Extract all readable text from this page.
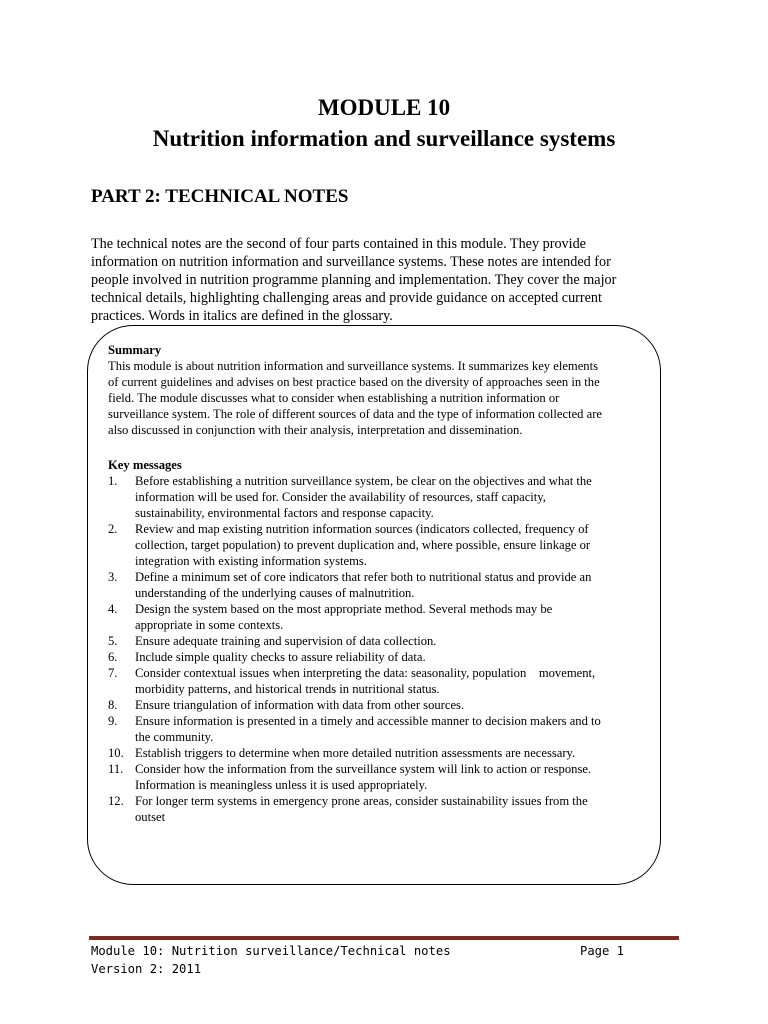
MODULE 10
Nutrition information and surveillance systems
PART 2: TECHNICAL NOTES
The technical notes are the second of four parts contained in this module. They provide
information on nutrition information and surveillance systems. These notes are intended for
people involved in nutrition programme planning and implementation. They cover the major
technical details, highlighting challenging areas and provide guidance on accepted current
practices. Words in italics are defined in the glossary.
Summary
This module is about nutrition information and surveillance systems. It summarizes key elements
of current guidelines and advises on best practice based on the diversity of approaches seen in the
field. The module discusses what to consider when establishing a nutrition information or
surveillance system. The role of different sources of data and the type of information collected are
also discussed in conjunction with their analysis, interpretation and dissemination.
Key messages
1. Before establishing a nutrition surveillance system, be clear on the objectives and what the
information will be used for. Consider the availability of resources, staff capacity,
sustainability, environmental factors and response capacity.
2. Review and map existing nutrition information sources (indicators collected, frequency of
collection, target population) to prevent duplication and, where possible, ensure linkage or
integration with existing information systems.
3. Define a minimum set of core indicators that refer both to nutritional status and provide an
understanding of the underlying causes of malnutrition.
4. Design the system based on the most appropriate method. Several methods may be
appropriate in some contexts.
5. Ensure adequate training and supervision of data collection.
6. Include simple quality checks to assure reliability of data.
7. Consider contextual issues when interpreting the data: seasonality, population    movement,
morbidity patterns, and historical trends in nutritional status.
8. Ensure triangulation of information with data from other sources.
9. Ensure information is presented in a timely and accessible manner to decision makers and to
the community.
10. Establish triggers to determine when more detailed nutrition assessments are necessary.
11. Consider how the information from the surveillance system will link to action or response.
Information is meaningless unless it is used appropriately.
12. For longer term systems in emergency prone areas, consider sustainability issues from the
outset
Module 10: Nutrition surveillance/Technical notes
Version 2: 2011
Page 1
